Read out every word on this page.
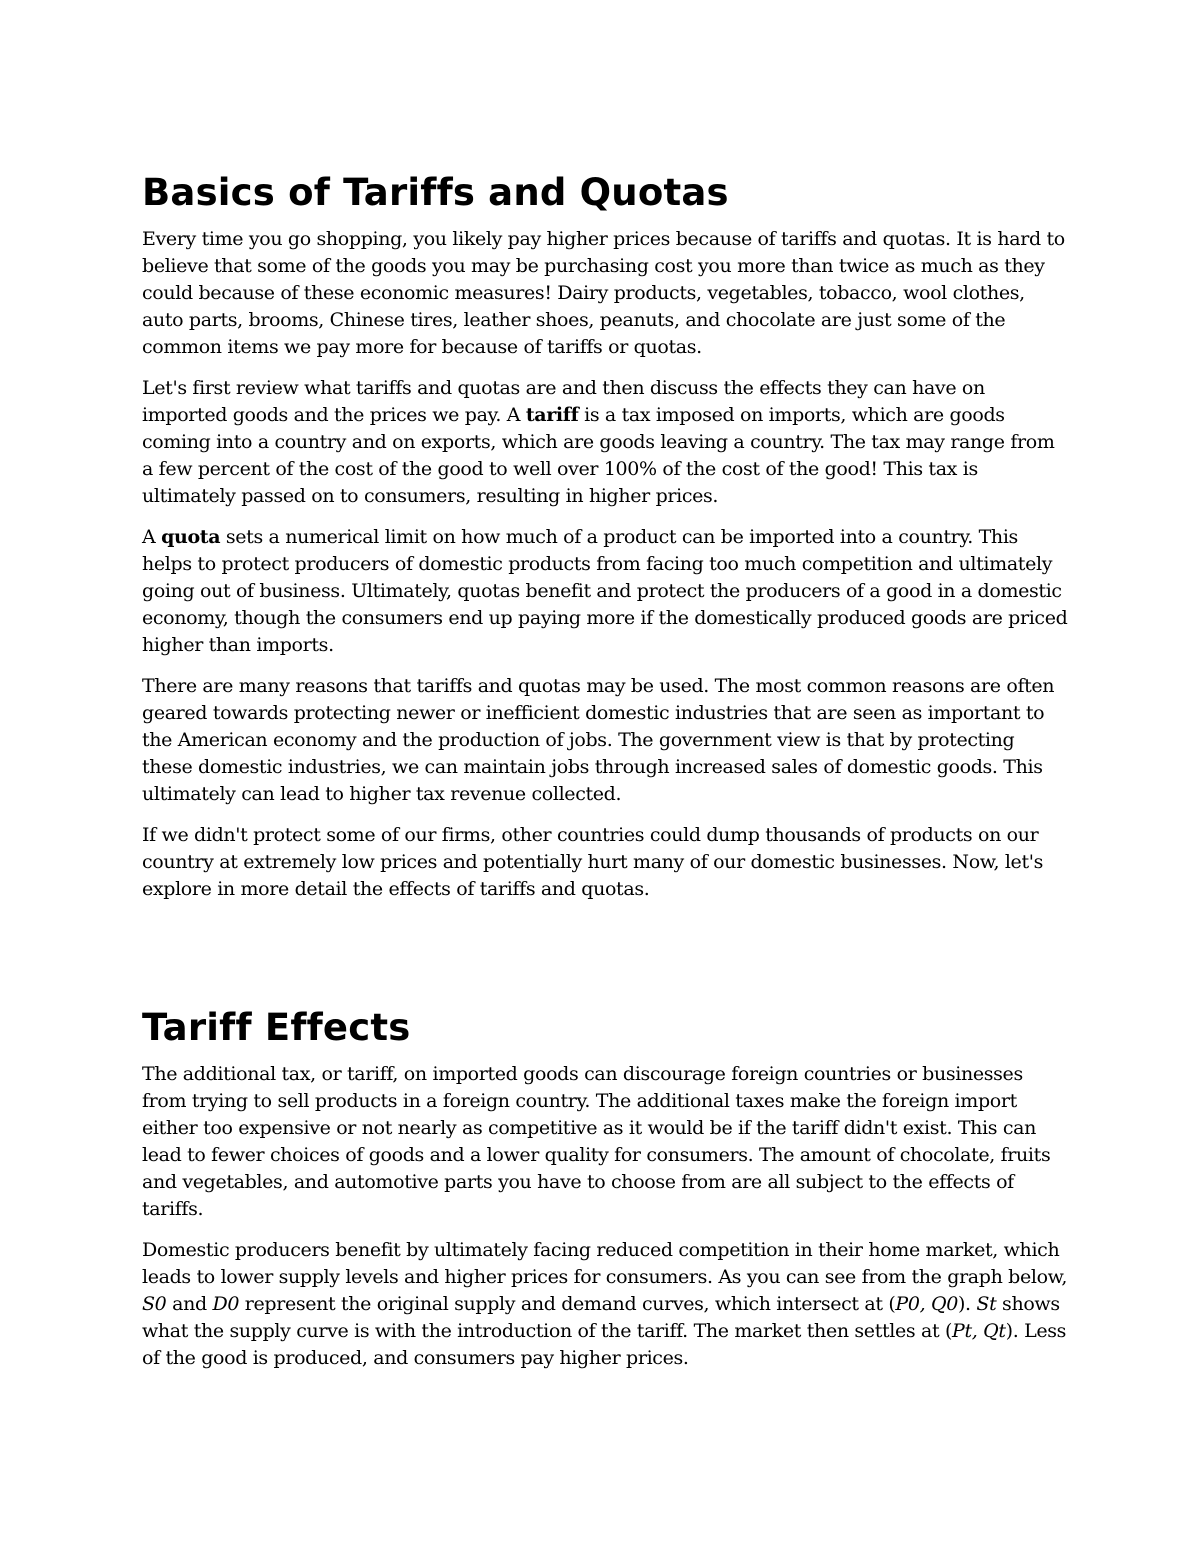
Basics of Tariffs and Quotas

Every time you go shopping, you likely pay higher prices because of tariffs and quotas. It is hard to believe that some of the goods you may be purchasing cost you more than twice as much as they could because of these economic measures! Dairy products, vegetables, tobacco, wool clothes, auto parts, brooms, Chinese tires, leather shoes, peanuts, and chocolate are just some of the common items we pay more for because of tariffs or quotas.

Let's first review what tariffs and quotas are and then discuss the effects they can have on imported goods and the prices we pay. A tariff is a tax imposed on imports, which are goods coming into a country and on exports, which are goods leaving a country. The tax may range from a few percent of the cost of the good to well over 100% of the cost of the good! This tax is ultimately passed on to consumers, resulting in higher prices.

A quota sets a numerical limit on how much of a product can be imported into a country. This helps to protect producers of domestic products from facing too much competition and ultimately going out of business. Ultimately, quotas benefit and protect the producers of a good in a domestic economy, though the consumers end up paying more if the domestically produced goods are priced higher than imports.

There are many reasons that tariffs and quotas may be used. The most common reasons are often geared towards protecting newer or inefficient domestic industries that are seen as important to the American economy and the production of jobs. The government view is that by protecting these domestic industries, we can maintain jobs through increased sales of domestic goods. This ultimately can lead to higher tax revenue collected.

If we didn't protect some of our firms, other countries could dump thousands of products on our country at extremely low prices and potentially hurt many of our domestic businesses. Now, let's explore in more detail the effects of tariffs and quotas.

Tariff Effects

The additional tax, or tariff, on imported goods can discourage foreign countries or businesses from trying to sell products in a foreign country. The additional taxes make the foreign import either too expensive or not nearly as competitive as it would be if the tariff didn't exist. This can lead to fewer choices of goods and a lower quality for consumers. The amount of chocolate, fruits and vegetables, and automotive parts you have to choose from are all subject to the effects of tariffs.

Domestic producers benefit by ultimately facing reduced competition in their home market, which leads to lower supply levels and higher prices for consumers. As you can see from the graph below, S0 and D0 represent the original supply and demand curves, which intersect at (P0, Q0). St shows what the supply curve is with the introduction of the tariff. The market then settles at (Pt, Qt). Less of the good is produced, and consumers pay higher prices.
